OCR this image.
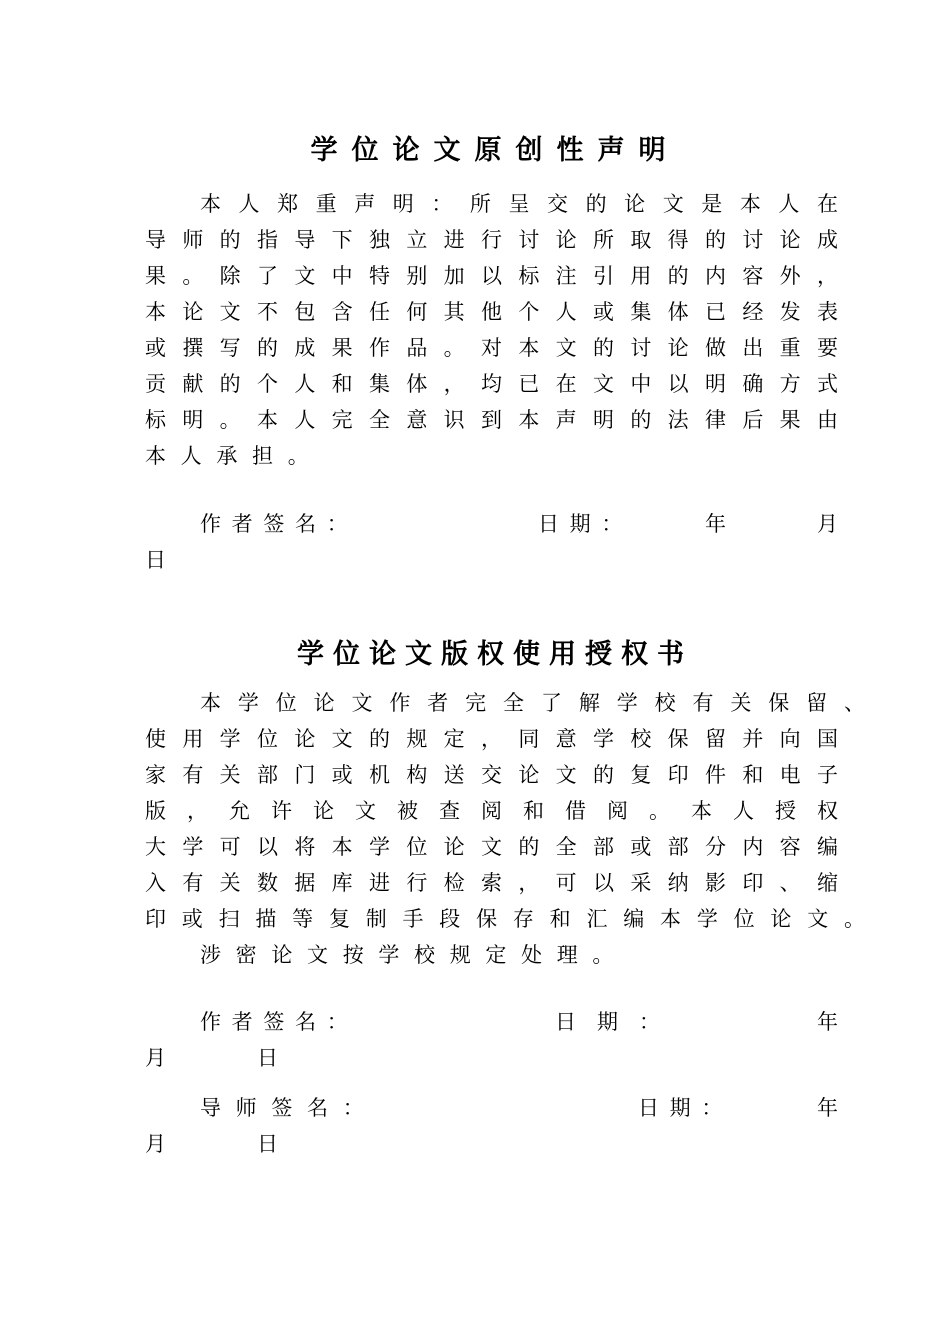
学位论文原创性声明
本 人 郑 重 声 明 ： 所 呈 交 的 论 文 是 本 人 在
导 师 的 指 导 下 独 立 进 行 讨 论 所 取 得 的 讨 论 成
果 。 除 了 文 中 特 别 加 以 标 注 引 用 的 内 容 外 ，
本 论 文 不 包 含 任 何 其 他 个 人 或 集 体 已 经 发 表
或 撰 写 的 成 果 作 品 。 对 本 文 的 讨 论 做 出 重 要
贡 献 的 个 人 和 集 体 ， 均 已 在 文 中 以 明 确 方 式
标 明 。 本 人 完 全 意 识 到 本 声 明 的 法 律 后 果 由
本 人 承 担 。
作 者 签 名 ：	日 期 ：	年	月
日
学位论文版权使用授权书
本 学 位 论 文 作 者 完 全 了 解 学 校 有 关 保 留 、
使 用 学 位 论 文 的 规 定 ， 同 意 学 校 保 留 并 向 国
家 有 关 部 门 或 机 构 送 交 论 文 的 复 印 件 和 电 子
版 ， 允 许 论 文 被 查 阅 和 借 阅 。 本 人 授 权
大 学 可 以 将 本 学 位 论 文 的 全 部 或 部 分 内 容 编
入 有 关 数 据 库 进 行 检 索 ， 可 以 采 纳 影 印 、 缩
印 或 扫 描 等 复 制 手 段 保 存 和 汇 编 本 学 位 论 文 。
涉 密 论 文 按 学 校 规 定 处 理 。
作 者 签 名 ：	日　期　：	年
月	日
导 师 签 名 ：	日 期 ：	年
月	日
